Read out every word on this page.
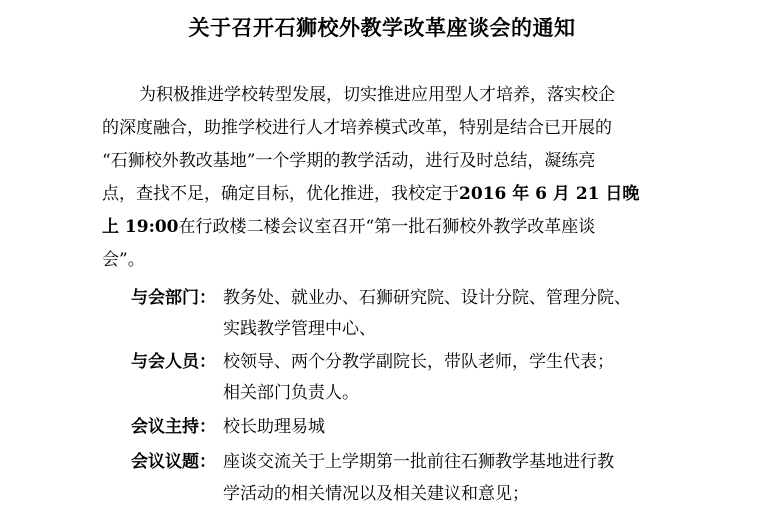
关于召开石狮校外教学改革座谈会的通知
为积极推进学校转型发展，切实推进应用型人才培养，落实校企
的深度融合，助推学校进行人才培养模式改革，特别是结合已开展的
“石狮校外教改基地”一个学期的教学活动，进行及时总结，凝练亮
点，查找不足，确定目标，优化推进，我校定于2016 年 6 月 21 日晚
上 19:00在行政楼二楼会议室召开“第一批石狮校外教学改革座谈
会”。
与会部门： 教务处、就业办、石狮研究院、设计分院、管理分院、
实践教学管理中心、
与会人员： 校领导、两个分教学副院长，带队老师，学生代表；
相关部门负责人。
会议主持： 校长助理易城
会议议题： 座谈交流关于上学期第一批前往石狮教学基地进行教
学活动的相关情况以及相关建议和意见；
